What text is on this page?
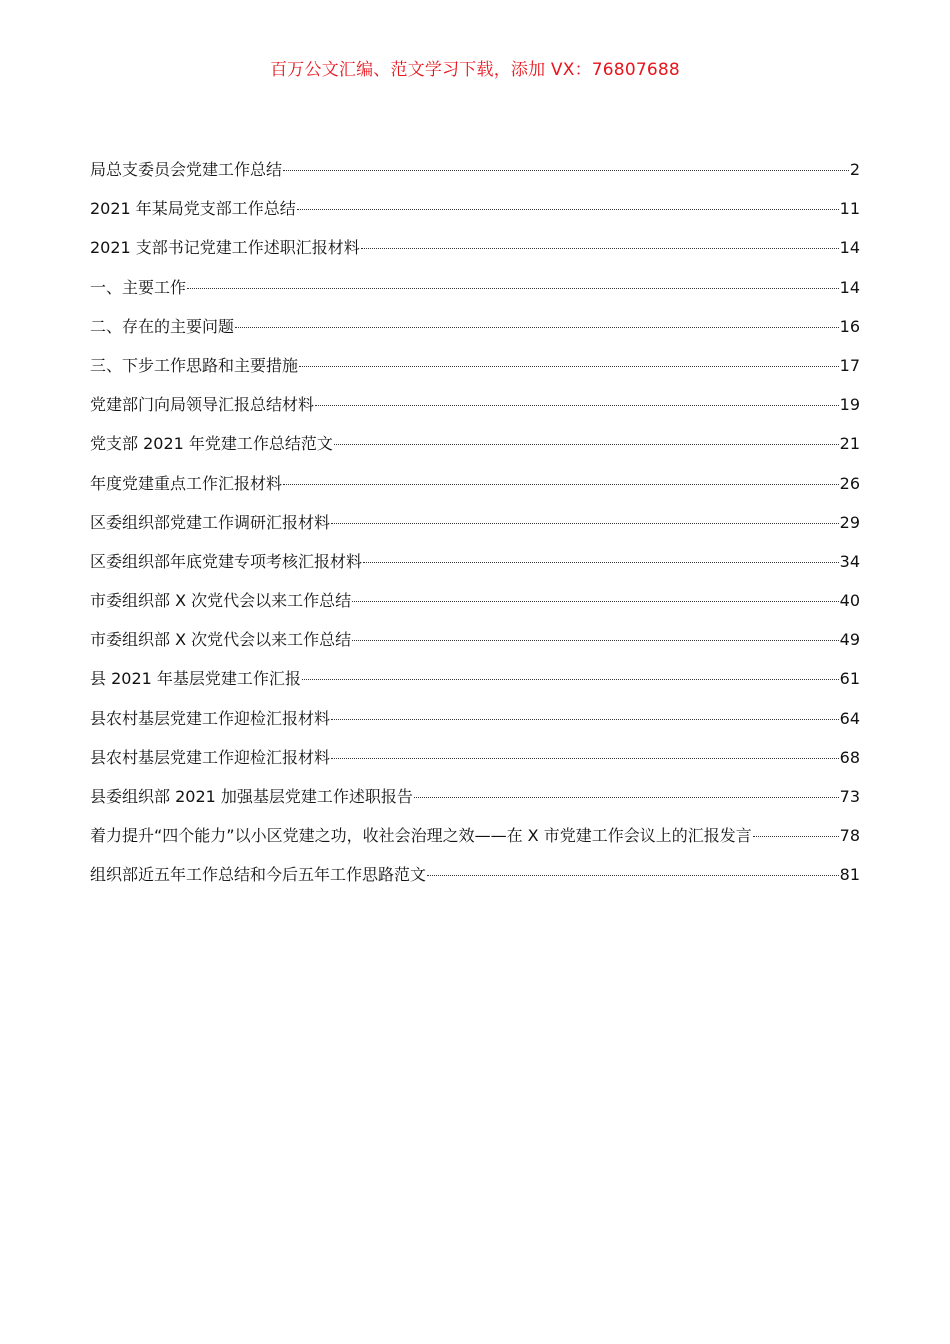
百万公文汇编、范文学习下载，添加 VX：76807688
局总支委员会党建工作总结	2
2021 年某局党支部工作总结	11
2021 支部书记党建工作述职汇报材料	14
一、主要工作	14
二、存在的主要问题	16
三、下步工作思路和主要措施	17
党建部门向局领导汇报总结材料	19
党支部 2021 年党建工作总结范文	21
年度党建重点工作汇报材料	26
区委组织部党建工作调研汇报材料	29
区委组织部年底党建专项考核汇报材料	34
市委组织部 X 次党代会以来工作总结	40
市委组织部 X 次党代会以来工作总结	49
县 2021 年基层党建工作汇报	61
县农村基层党建工作迎检汇报材料	64
县农村基层党建工作迎检汇报材料	68
县委组织部 2021 加强基层党建工作述职报告	73
着力提升“四个能力”以小区党建之功，收社会治理之效——在 X 市党建工作会议上的汇报发言	78
组织部近五年工作总结和今后五年工作思路范文	81
